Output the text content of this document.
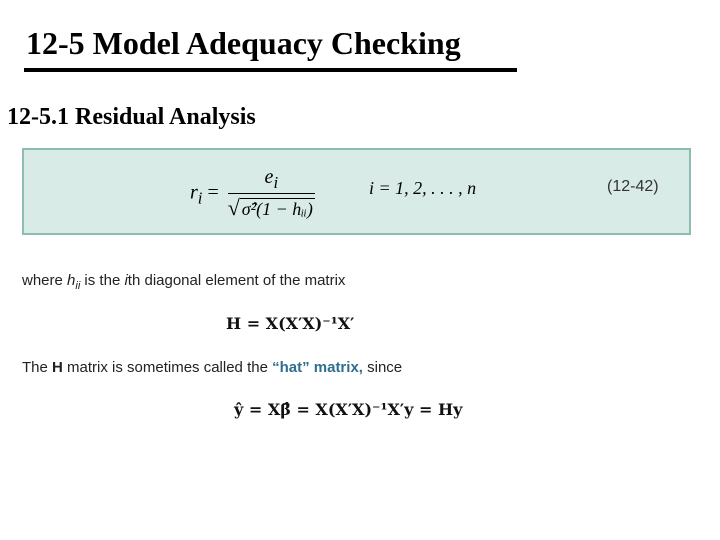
12-5 Model Adequacy Checking
12-5.1 Residual Analysis
$r_i = \frac{e_i}{\text{√ σ̂²(1 − hᵢᵢ)}}$	i = 1, 2, . . . , n	(12-42)
where $h_{ii}$ is the ith diagonal element of the matrix
H = X(X′X)⁻¹X′
The H matrix is sometimes called the “hat” matrix, since
ŷ = Xβ̂ = X(X′X)⁻¹X′y = Hy
